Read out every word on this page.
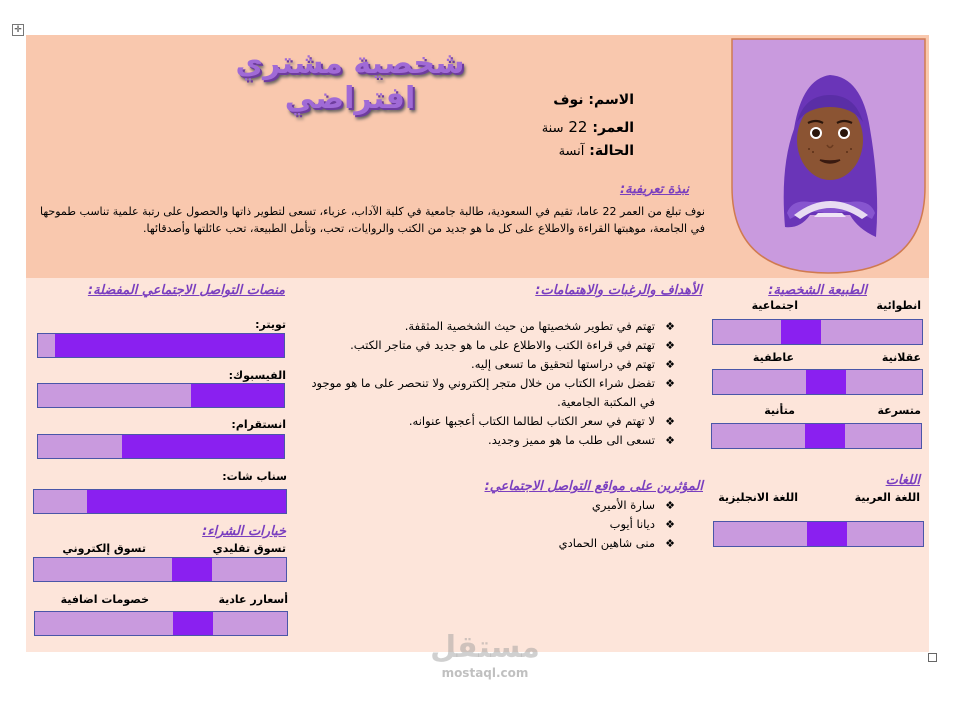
✛
شخصية مشتري افتراضي	الاسم: نوف
العمر: 22 سنة
الحالة: آنسة
نبذة تعريفية:
نوف تبلغ من العمر 22 عاما، تقيم في السعودية، طالبة جامعية في كلية الآداب، عزباء، تسعى لتطوير ذاتها والحصول على رتبة علمية تناسب طموحها في الجامعة، موهبتها القراءة والاطلاع على كل ما هو جديد من الكتب والروايات، تحب، وتأمل الطبيعة، تحب عائلتها وأصدقائها.
الطبيعة الشخصية:
انطوائية
اجتماعية
عقلانية
عاطفية
متسرعة
متأنية
اللغات
اللغة العربية
اللغة الانجليزية
الأهداف والرغبات والاهتمامات:
❖
تهتم في تطوير شخصيتها من حيث الشخصية المثقفة.
❖
تهتم في قراءة الكتب والاطلاع على ما هو جديد في متاجر الكتب.
❖
تهتم في دراستها لتحقيق ما تسعى إليه.
❖
تفضل شراء الكتاب من خلال متجر إلكتروني ولا تنحصر على ما هو موجود في المكتبة الجامعية.
❖
لا تهتم في سعر الكتاب لطالما الكتاب أعجبها عنوانه.
❖
تسعى الى طلب ما هو مميز وجديد.
المؤثرين على مواقع التواصل الاجتماعي:
❖
سارة الأميري
❖
ديانا أيوب
❖
منى شاهين الحمادي
منصات التواصل الاجتماعي المفضلة:
تويتر:
الفيسبوك:
انستقرام:
سناب شات:
خيارات الشراء:
تسوق تقليدي
تسوق إلكتروني
أسعارر عادية
خصومات اضافية
مستقل
mostaql.com
